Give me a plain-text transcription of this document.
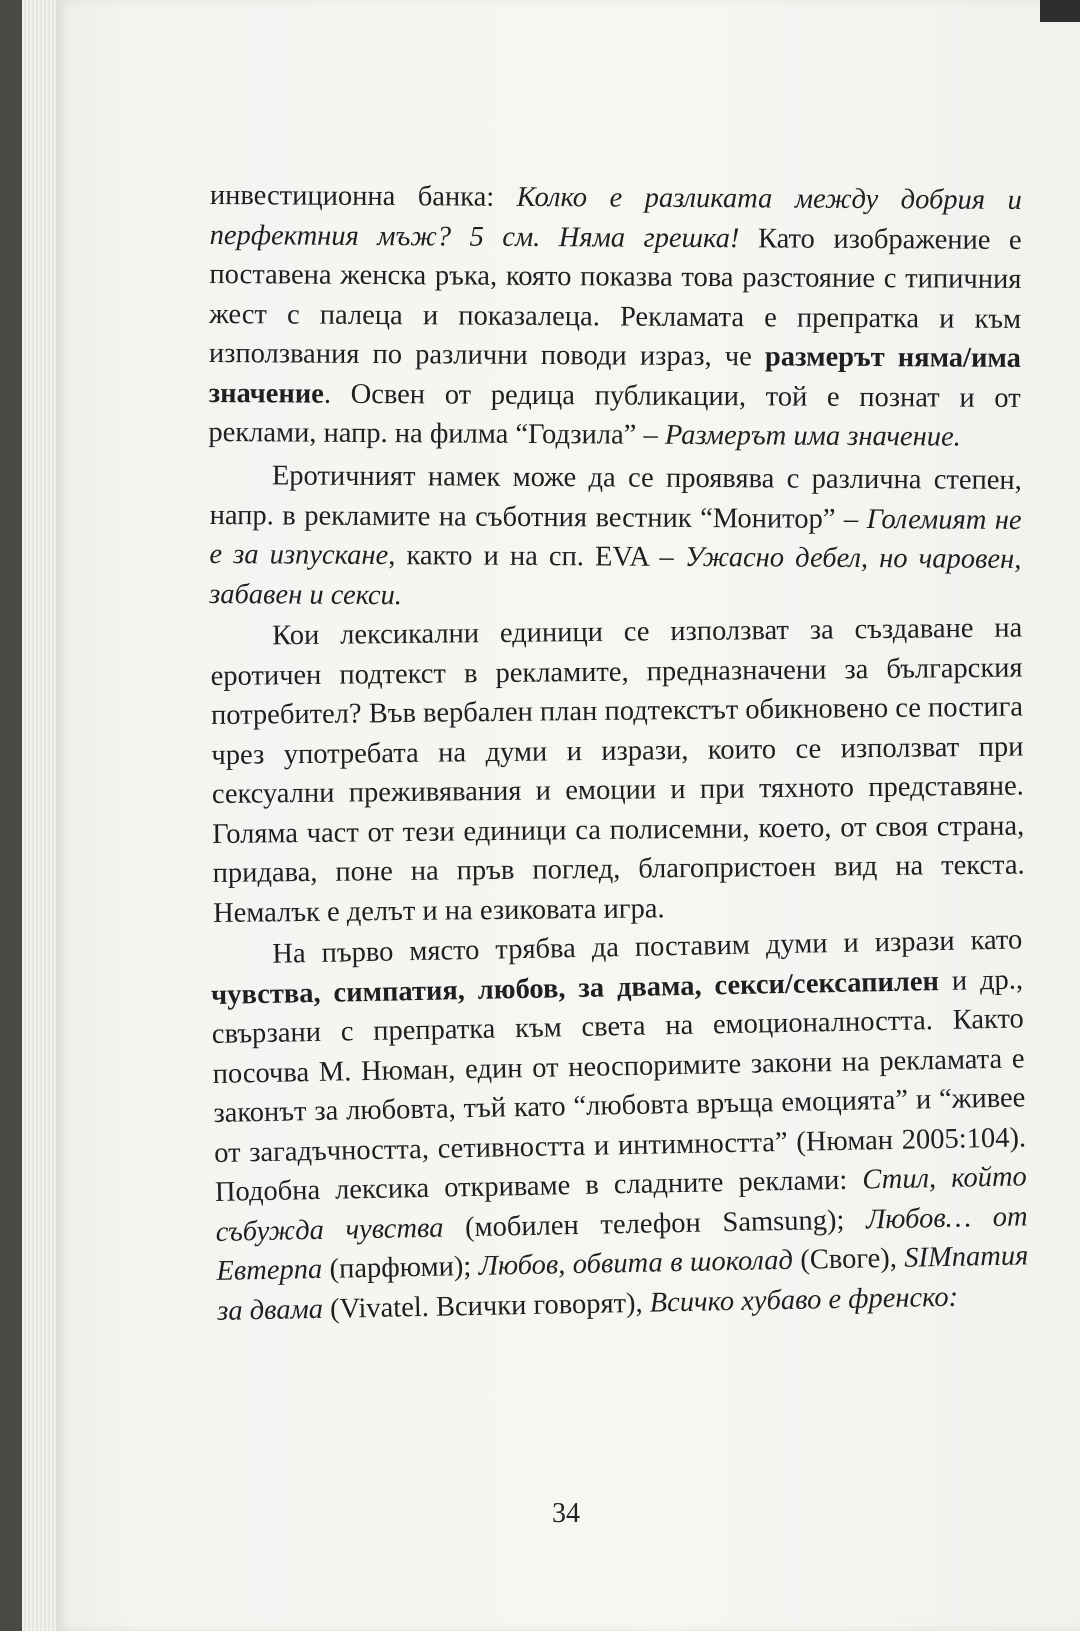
инвестиционна банка: Колко е разликата между добрия и перфектния мъж? 5 см. Няма грешка! Като изображение е поставена женска ръка, която показва това разстояние с типичния жест с палеца и показалеца. Рекламата е препратка и към използвания по различни поводи израз, че размерът няма/има значение. Освен от редица публикации, той е познат и от реклами, напр. на филма “Годзила” – Размерът има значение.

Еротичният намек може да се проявява с различна степен, напр. в рекламите на съботния вестник “Монитор” – Големият не е за изпускане, както и на сп. EVA – Ужасно дебел, но чаровен, забавен и секси.

Кои лексикални единици се използват за създаване на еротичен подтекст в рекламите, предназначени за българския потребител? Във вербален план подтекстът обикновено се постига чрез употребата на думи и изрази, които се използват при сексуални преживявания и емоции и при тяхното представяне. Голяма част от тези единици са полисемни, което, от своя страна, придава, поне на пръв поглед, благопристоен вид на текста. Немалък е делът и на езиковата игра.

На първо място трябва да поставим думи и изрази като чувства, симпатия, любов, за двама, секси/сексапилен и др., свързани с препратка към света на емоционалността. Както посочва М. Нюман, един от неоспоримите закони на рекламата е законът за любовта, тъй като “любовта връща емоцията” и “живее от загадъчността, сетивността и интимността” (Нюман 2005:104). Подобна лексика откриваме в сладните реклами: Стил, който събужда чувства (мобилен телефон Samsung); Любов… от Евтерпа (парфюми); Любов, обвита в шоколад (Своге), SIMпатия за двама (Vivatel. Всички говорят), Всичко хубаво е френско:

34
